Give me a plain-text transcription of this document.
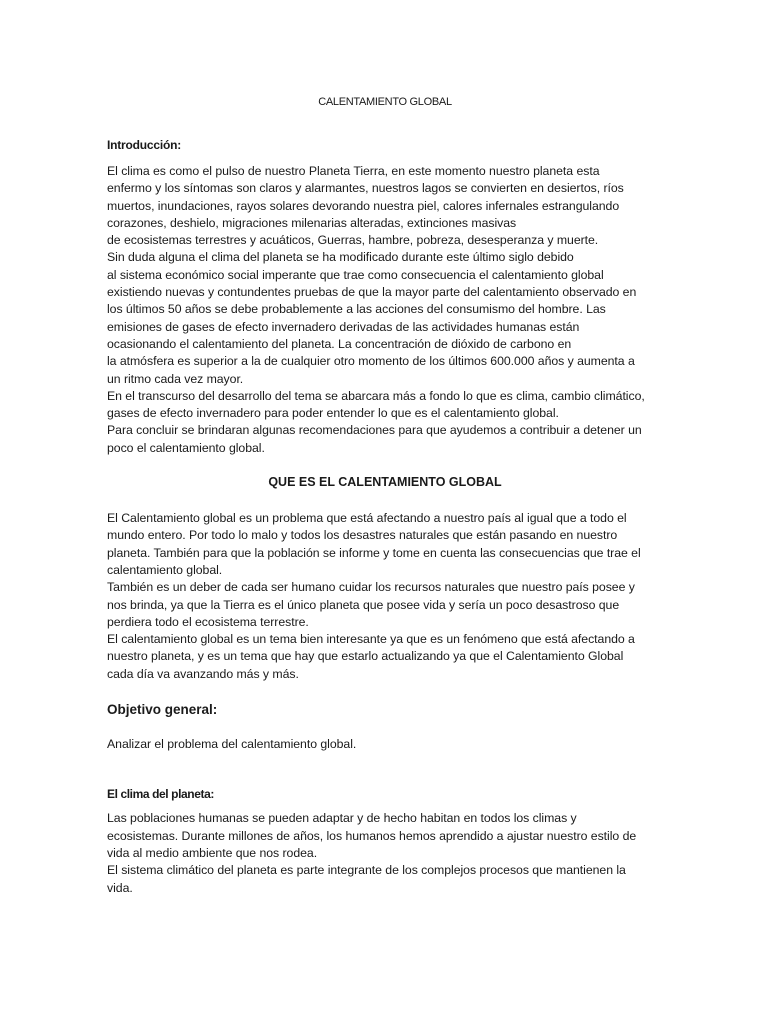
CALENTAMIENTO GLOBAL
Introducción:
El clima es como el pulso de nuestro Planeta Tierra, en este momento nuestro planeta esta
enfermo y los síntomas son claros y alarmantes, nuestros lagos se convierten en desiertos, ríos
muertos, inundaciones, rayos solares devorando nuestra piel, calores infernales estrangulando
corazones, deshielo, migraciones milenarias alteradas, extinciones masivas
de ecosistemas terrestres y acuáticos, Guerras, hambre, pobreza, desesperanza y muerte.
Sin duda alguna el clima del planeta se ha modificado durante este último siglo debido
al sistema económico social imperante que trae como consecuencia el calentamiento global
existiendo nuevas y contundentes pruebas de que la mayor parte del calentamiento observado en
los últimos 50 años se debe probablemente a las acciones del consumismo del hombre. Las
emisiones de gases de efecto invernadero derivadas de las actividades humanas están
ocasionando el calentamiento del planeta. La concentración de dióxido de carbono en
la atmósfera es superior a la de cualquier otro momento de los últimos 600.000 años y aumenta a
un ritmo cada vez mayor.
En el transcurso del desarrollo del tema se abarcara más a fondo lo que es clima, cambio climático,
gases de efecto invernadero para poder entender lo que es el calentamiento global.
Para concluir se brindaran algunas recomendaciones para que ayudemos a contribuir a detener un
poco el calentamiento global.
QUE ES EL CALENTAMIENTO GLOBAL
El Calentamiento global es un problema que está afectando a nuestro país al igual que a todo el
mundo entero. Por todo lo malo y todos los desastres naturales que están pasando en nuestro
planeta. También para que la población se informe y tome en cuenta las consecuencias que trae el
calentamiento global.
También es un deber de cada ser humano cuidar los recursos naturales que nuestro país posee y
nos brinda, ya que la Tierra es el único planeta que posee vida y sería un poco desastroso que
perdiera todo el ecosistema terrestre.
El calentamiento global es un tema bien interesante ya que es un fenómeno que está afectando a
nuestro planeta, y es un tema que hay que estarlo actualizando ya que el Calentamiento Global
cada día va avanzando más y más.
Objetivo general:
Analizar el problema del calentamiento global.
El clima del planeta:
Las poblaciones humanas se pueden adaptar y de hecho habitan en todos los climas y
ecosistemas. Durante millones de años, los humanos hemos aprendido a ajustar nuestro estilo de
vida al medio ambiente que nos rodea.
El sistema climático del planeta es parte integrante de los complejos procesos que mantienen la
vida.
